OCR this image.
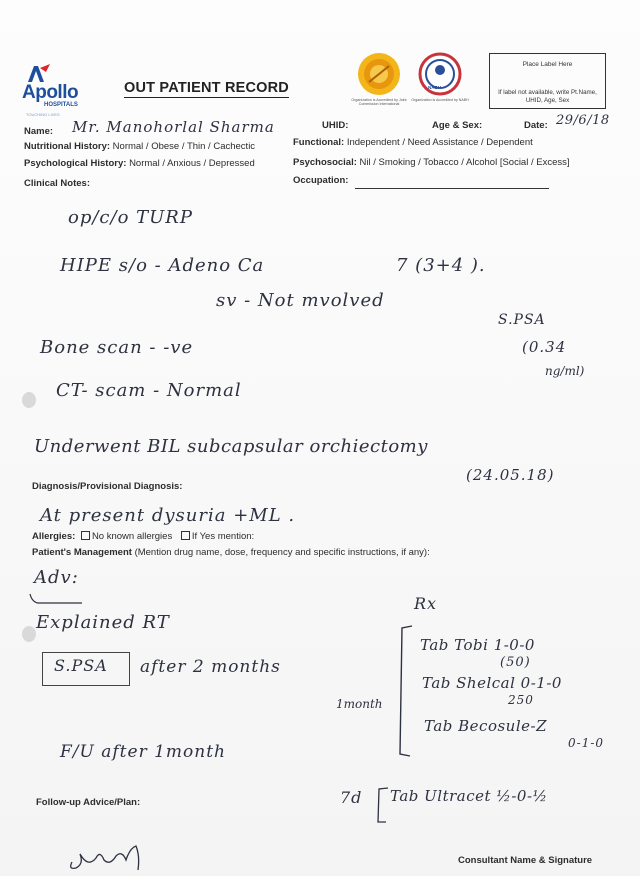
Apollo
HOSPITALS
TOUCHING LIVES
OUT PATIENT RECORD
Organization is Accredited by Joint Commission International
NABH
Organization is Accredited by NABH
Place Label Here
If label not available, write Pt.Name, UHID, Age, Sex
Name: Mr. Manohorlal Sharma	UHID:	Age & Sex:	Date: 29/6/18
Nutritional History: Normal / Obese / Thin / Cachectic	Functional: Independent / Need Assistance / Dependent
Psychological History: Normal / Anxious / Depressed	Psychosocial: Nil / Smoking / Tobacco / Alcohol [Social / Excess]
Clinical Notes:	Occupation:
op/c/o TURP
HIPE s/o - Adeno Ca	7 (3+4 ).
sv - Not mvolved
S.PSA
(0.34
ng/ml)
Bone scan - -ve
CT- scam - Normal
Underwent BIL subcapsular orchiectomy
(24.05.18)
Diagnosis/Provisional Diagnosis:
At present dysuria +ML .
Allergies: No known allergies If Yes mention:
Patient's Management (Mention drug name, dose, frequency and specific instructions, if any):
Adv:
Rx
Explained RT
S.PSA after 2 months
1month
Tab Tobi 1-0-0
(50)
Tab Shelcal 0-1-0
250
Tab Becosule-Z
0-1-0
F/U after 1month
Follow-up Advice/Plan:	7d Tab Ultracet ½-0-½
Consultant Name & Signature
